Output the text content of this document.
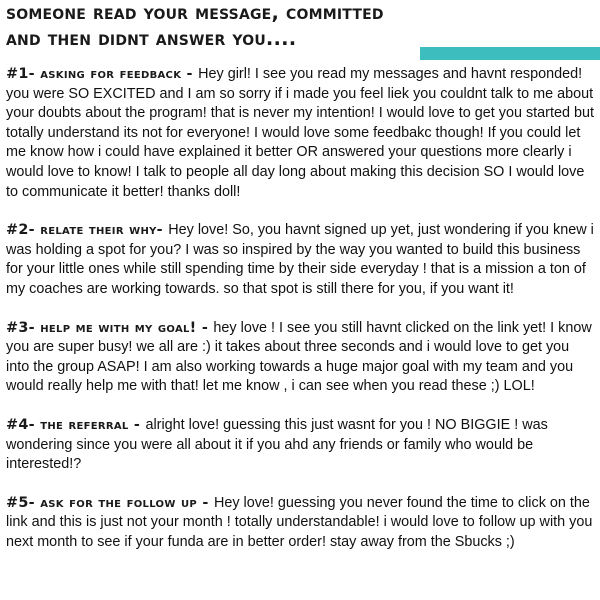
someone read your message, committed
and then didnt answer you....

#1- asking for feedback - Hey girl! I see you read my messages and havnt responded! you were SO EXCITED and I am so sorry if i made you feel liek you couldnt talk to me about your doubts about the program! that is never my intention! I would love to get you started but totally understand its not for everyone! I would love some feedbakc though! If you could let me know how i could have explained it better OR answered your questions more clearly i would love to know! I talk to people all day long about making this decision SO I would love to communicate it better! thanks doll!

#2- relate their why- Hey love! So, you havnt signed up yet, just wondering if you knew i was holding a spot for you? I was so inspired by the way you wanted to build this business for your little ones while still spending time by their side everyday ! that is a mission a ton of my coaches are working towards. so that spot is still there for you, if you want it!

#3- help me with my goal! - hey love ! I see you still havnt clicked on the link yet! I know you are super busy! we all are :) it takes about three seconds and i would love to get you into the group ASAP! I am also working towards a huge major goal with my team and you would really help me with that! let me know , i can see when you read these ;) LOL!

#4- the referral - alright love! guessing this just wasnt for you ! NO BIGGIE ! was wondering since you were all about it if you ahd any friends or family who would be interested!?

#5- ask for the follow up - Hey love! guessing you never found the time to click on the link and this is just not your month ! totally understandable! i would love to follow up with you next month to see if your funda are in better order! stay away from the Sbucks ;)
